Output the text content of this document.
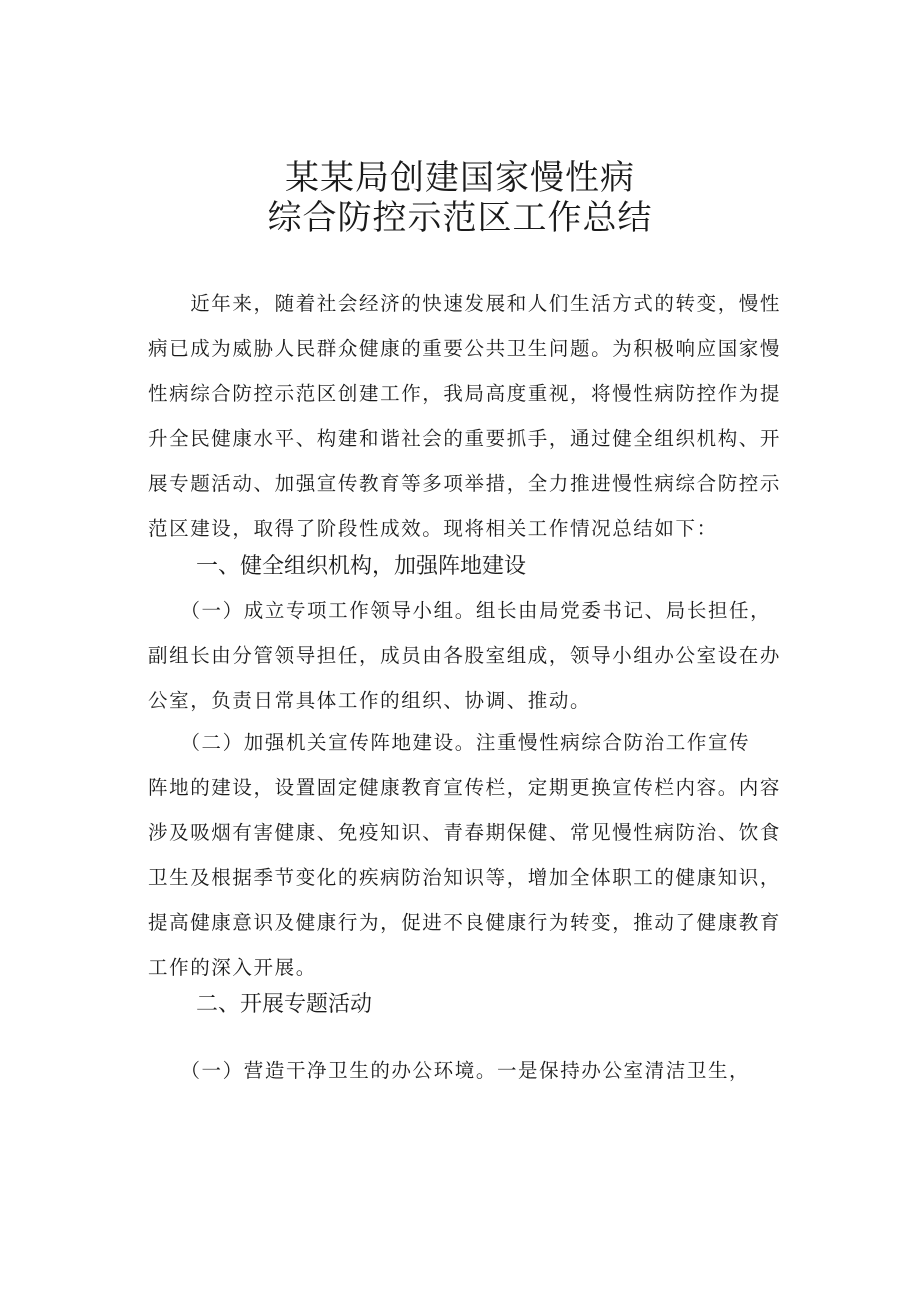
某某局创建国家慢性病
综合防控示范区工作总结

　　近年来，随着社会经济的快速发展和人们生活方式的转变，慢性
病已成为威胁人民群众健康的重要公共卫生问题。为积极响应国家慢
性病综合防控示范区创建工作，我局高度重视，将慢性病防控作为提
升全民健康水平、构建和谐社会的重要抓手，通过健全组织机构、开
展专题活动、加强宣传教育等多项举措，全力推进慢性病综合防控示
范区建设，取得了阶段性成效。现将相关工作情况总结如下：

一、健全组织机构，加强阵地建设

　　（一）成立专项工作领导小组。组长由局党委书记、局长担任，
副组长由分管领导担任，成员由各股室组成，领导小组办公室设在办
公室，负责日常具体工作的组织、协调、推动。

　　（二）加强机关宣传阵地建设。注重慢性病综合防治工作宣传
阵地的建设，设置固定健康教育宣传栏，定期更换宣传栏内容。内容
涉及吸烟有害健康、免疫知识、青春期保健、常见慢性病防治、饮食
卫生及根据季节变化的疾病防治知识等，增加全体职工的健康知识，
提高健康意识及健康行为，促进不良健康行为转变，推动了健康教育
工作的深入开展。

二、开展专题活动

　　（一）营造干净卫生的办公环境。一是保持办公室清洁卫生，
